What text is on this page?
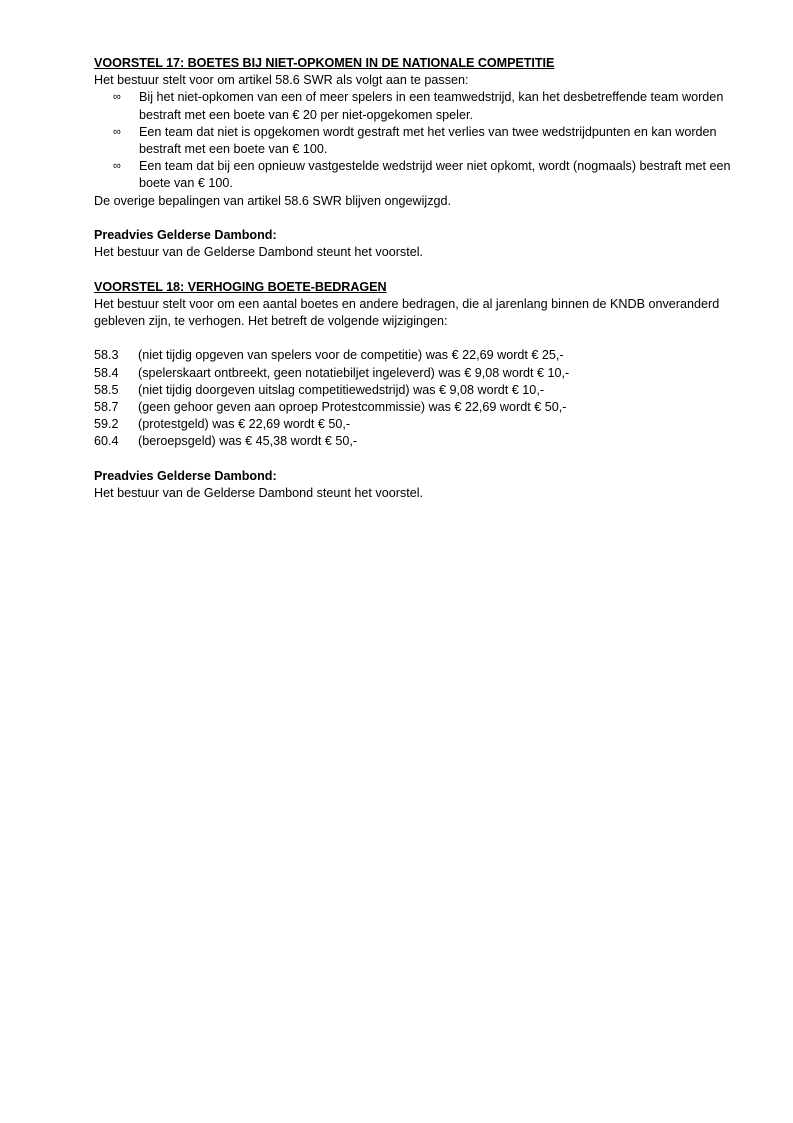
VOORSTEL 17: BOETES BIJ NIET-OPKOMEN IN DE NATIONALE COMPETITIE
Het bestuur stelt voor om artikel 58.6 SWR als volgt aan te passen:
∞ Bij het niet-opkomen van een of meer spelers in een teamwedstrijd, kan het desbetreffende team worden bestraft met een boete van € 20 per niet-opgekomen speler.
∞ Een team dat niet is opgekomen wordt gestraft met het verlies van twee wedstrijdpunten en kan worden bestraft met een boete van € 100.
∞ Een team dat bij een opnieuw vastgestelde wedstrijd weer niet opkomt, wordt (nogmaals) bestraft met een boete van € 100.
De overige bepalingen van artikel 58.6 SWR blijven ongewijzgd.
Preadvies Gelderse Dambond:
Het bestuur van de Gelderse Dambond steunt het voorstel.
VOORSTEL 18: VERHOGING BOETE-BEDRAGEN
Het bestuur stelt voor om een aantal boetes en andere bedragen, die al jarenlang binnen de KNDB onveranderd gebleven zijn, te verhogen. Het betreft de volgende wijzigingen:
58.3	(niet tijdig opgeven van spelers voor de competitie) was € 22,69 wordt € 25,-
58.4	(spelerskaart ontbreekt, geen notatiebiljet ingeleverd) was € 9,08 wordt € 10,-
58.5	(niet tijdig doorgeven uitslag competitiewedstrijd) was € 9,08 wordt € 10,-
58.7	(geen gehoor geven aan oproep Protestcommissie) was € 22,69 wordt € 50,-
59.2	(protestgeld) was € 22,69 wordt € 50,-
60.4	(beroepsgeld) was € 45,38 wordt € 50,-
Preadvies Gelderse Dambond:
Het bestuur van de Gelderse Dambond steunt het voorstel.
